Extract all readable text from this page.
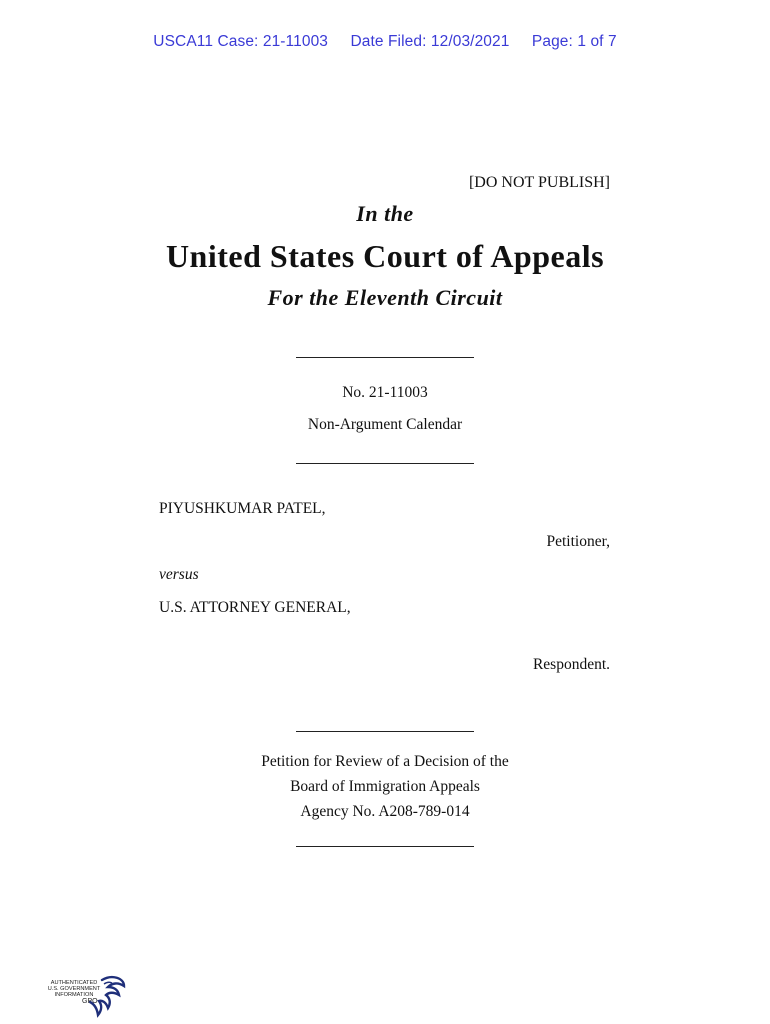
USCA11 Case: 21-11003 Date Filed: 12/03/2021 Page: 1 of 7
[DO NOT PUBLISH]
In the
United States Court of Appeals
For the Eleventh Circuit
No. 21-11003
Non-Argument Calendar
PIYUSHKUMAR PATEL,
Petitioner,
versus
U.S. ATTORNEY GENERAL,
Respondent.
Petition for Review of a Decision of the
Board of Immigration Appeals
Agency No. A208-789-014
AUTHENTICATED
U.S. GOVERNMENT
INFORMATION
GPO
